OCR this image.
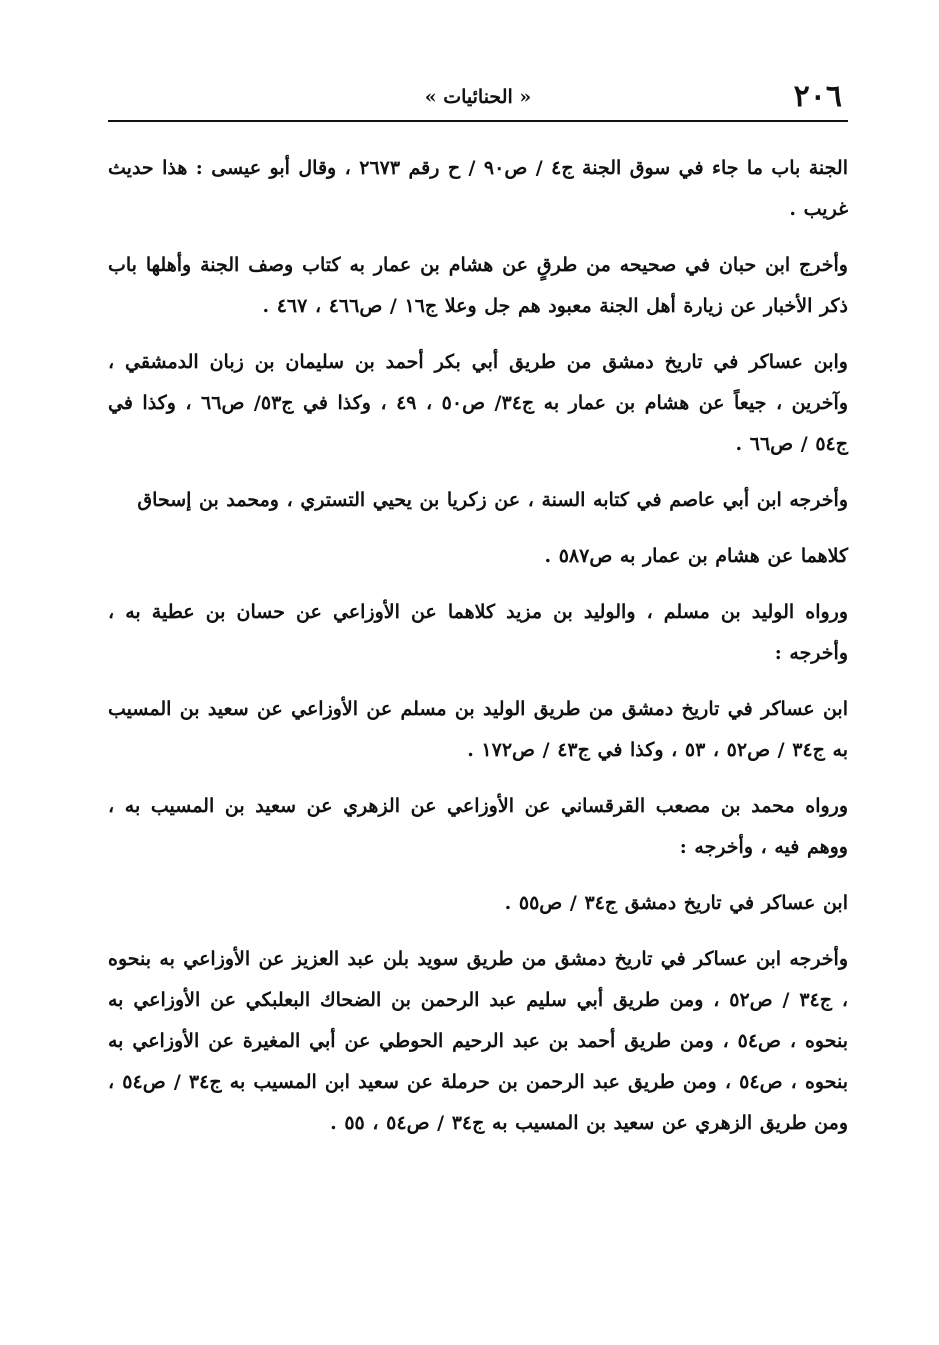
٢٠٦
« الحنائيات »

الجنة باب ما جاء في سوق الجنة ج٤ / ص٩٠ / ح رقم ٢٦٧٣ ، وقال أبو عيسى : هذا حديث غريب .

وأخرج ابن حبان في صحيحه من طرقٍ عن هشام بن عمار به كتاب وصف الجنة وأهلها باب ذكر الأخبار عن زيارة أهل الجنة معبود هم جل وعلا ج١٦ / ص٤٦٦ ، ٤٦٧ .

وابن عساكر في تاريخ دمشق من طريق أبي بكر أحمد بن سليمان بن زبان الدمشقي ، وآخرين ، جيعاً عن هشام بن عمار به ج٣٤/ ص٥٠ ، ٤٩ ، وكذا في ج٥٣/ ص٦٦ ، وكذا في ج٥٤ / ص٦٦ .

وأخرجه ابن أبي عاصم في كتابه السنة ، عن زكريا بن يحيي التستري ، ومحمد بن إسحاق

كلاهما عن هشام بن عمار به ص٥٨٧ .

ورواه الوليد بن مسلم ، والوليد بن مزيد كلاهما عن الأوزاعي عن حسان بن عطية به ، وأخرجه :

ابن عساكر في تاريخ دمشق من طريق الوليد بن مسلم عن الأوزاعي عن سعيد بن المسيب به ج٣٤ / ص٥٢ ، ٥٣ ، وكذا في ج٤٣ / ص١٧٢ .

ورواه محمد بن مصعب القرقساني عن الأوزاعي عن الزهري عن سعيد بن المسيب به ، ووهم فيه ، وأخرجه :

ابن عساكر في تاريخ دمشق ج٣٤ / ص٥٥ .

وأخرجه ابن عساكر في تاريخ دمشق من طريق سويد بلن عبد العزيز عن الأوزاعي به بنحوه ، ج٣٤ / ص٥٢ ، ومن طريق أبي سليم عبد الرحمن بن الضحاك البعلبكي عن الأوزاعي به بنحوه ، ص٥٤ ، ومن طريق أحمد بن عبد الرحيم الحوطي عن أبي المغيرة عن الأوزاعي به بنحوه ، ص٥٤ ، ومن طريق عبد الرحمن بن حرملة عن سعيد ابن المسيب به ج٣٤ / ص٥٤ ، ومن طريق الزهري عن سعيد بن المسيب به ج٣٤ / ص٥٤ ، ٥٥ .
